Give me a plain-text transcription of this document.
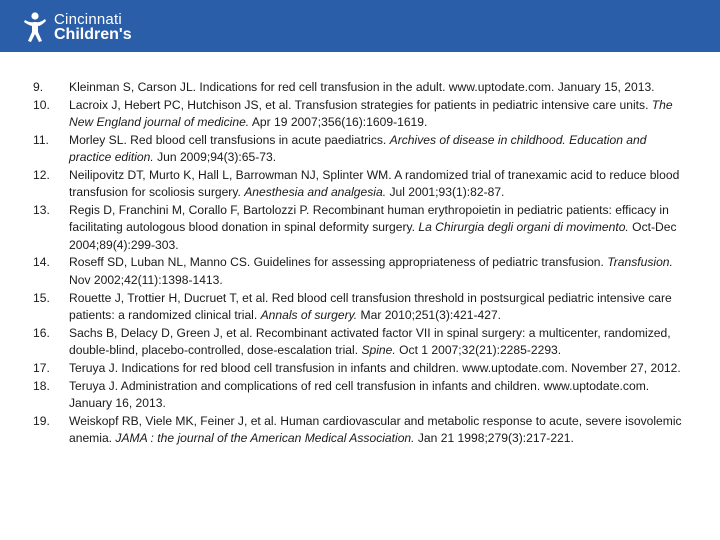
Cincinnati
Children's
9. Kleinman S, Carson JL. Indications for red cell transfusion in the adult. www.uptodate.com. January 15, 2013.
10. Lacroix J, Hebert PC, Hutchison JS, et al. Transfusion strategies for patients in pediatric intensive care units. The New England journal of medicine. Apr 19 2007;356(16):1609-1619.
11. Morley SL. Red blood cell transfusions in acute paediatrics. Archives of disease in childhood. Education and practice edition. Jun 2009;94(3):65-73.
12. Neilipovitz DT, Murto K, Hall L, Barrowman NJ, Splinter WM. A randomized trial of tranexamic acid to reduce blood transfusion for scoliosis surgery. Anesthesia and analgesia. Jul 2001;93(1):82-87.
13. Regis D, Franchini M, Corallo F, Bartolozzi P. Recombinant human erythropoietin in pediatric patients: efficacy in facilitating autologous blood donation in spinal deformity surgery. La Chirurgia degli organi di movimento. Oct-Dec 2004;89(4):299-303.
14. Roseff SD, Luban NL, Manno CS. Guidelines for assessing appropriateness of pediatric transfusion. Transfusion. Nov 2002;42(11):1398-1413.
15. Rouette J, Trottier H, Ducruet T, et al. Red blood cell transfusion threshold in postsurgical pediatric intensive care patients: a randomized clinical trial. Annals of surgery. Mar 2010;251(3):421-427.
16. Sachs B, Delacy D, Green J, et al. Recombinant activated factor VII in spinal surgery: a multicenter, randomized, double-blind, placebo-controlled, dose-escalation trial. Spine. Oct 1 2007;32(21):2285-2293.
17. Teruya J. Indications for red blood cell transfusion in infants and children. www.uptodate.com. November 27, 2012.
18. Teruya J. Administration and complications of red cell transfusion in infants and children. www.uptodate.com. January 16, 2013.
19. Weiskopf RB, Viele MK, Feiner J, et al. Human cardiovascular and metabolic response to acute, severe isovolemic anemia. JAMA : the journal of the American Medical Association. Jan 21 1998;279(3):217-221.
